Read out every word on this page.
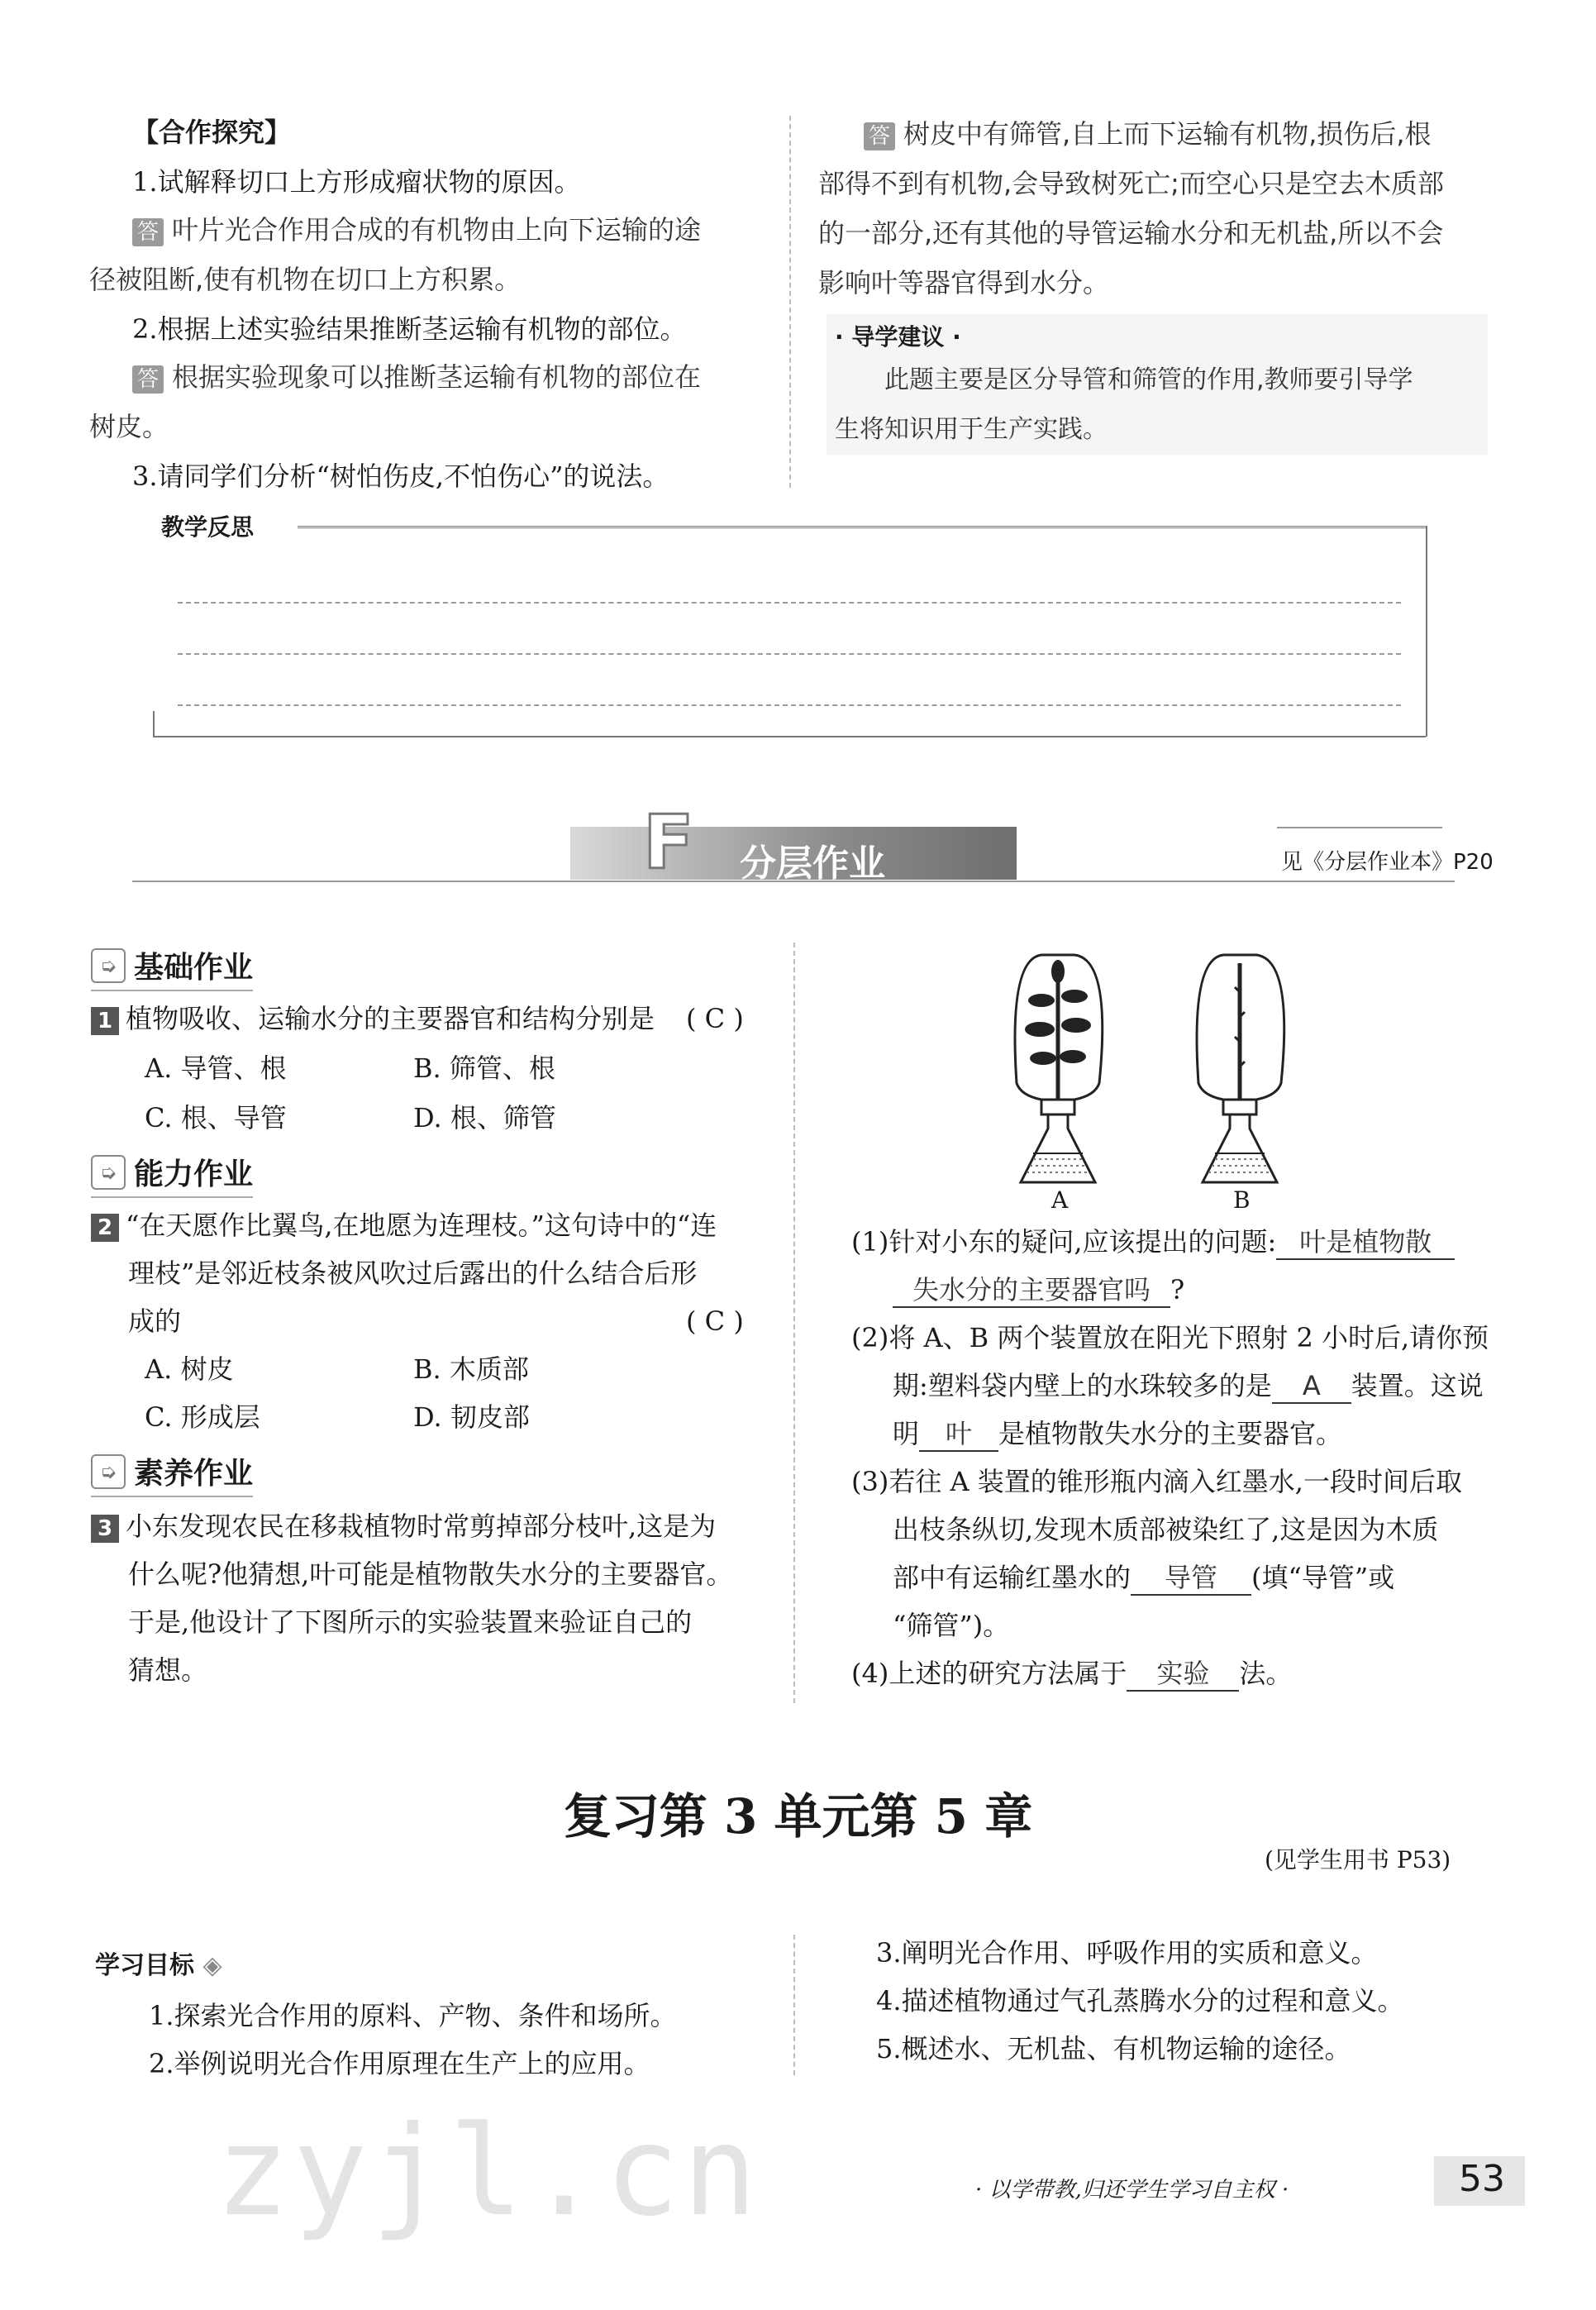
【合作探究】
1.试解释切口上方形成瘤状物的原因。
答 叶片光合作用合成的有机物由上向下运输的途
径被阻断,使有机物在切口上方积累。
2.根据上述实验结果推断茎运输有机物的部位。
答 根据实验现象可以推断茎运输有机物的部位在
树皮。
3.请同学们分析“树怕伤皮,不怕伤心”的说法。
答 树皮中有筛管,自上而下运输有机物,损伤后,根
部得不到有机物,会导致树死亡;而空心只是空去木质部
的一部分,还有其他的导管运输水分和无机盐,所以不会
影响叶等器官得到水分。
· 导学建议 ·
此题主要是区分导管和筛管的作用,教师要引导学
生将知识用于生产实践。
教学反思
F	分层作业	见《分层作业本》P20
➭ 基础作业
1 植物吸收、运输水分的主要器官和结构分别是 ( C )
A. 导管、根	B. 筛管、根
C. 根、导管	D. 根、筛管
➭ 能力作业
2 “在天愿作比翼鸟,在地愿为连理枝。”这句诗中的“连
理枝”是邻近枝条被风吹过后露出的什么结合后形
成的	( C )
A. 树皮	B. 木质部
C. 形成层	D. 韧皮部
➭ 素养作业
3 小东发现农民在移栽植物时常剪掉部分枝叶,这是为
什么呢?他猜想,叶可能是植物散失水分的主要器官。
于是,他设计了下图所示的实验装置来验证自己的
猜想。
A	B
(1)针对小东的疑问,应该提出的问题: 叶是植物散
失水分的主要器官吗 ?
(2)将 A、B 两个装置放在阳光下照射 2 小时后,请你预
期:塑料袋内壁上的水珠较多的是 A 装置。这说
明 叶 是植物散失水分的主要器官。
(3)若往 A 装置的锥形瓶内滴入红墨水,一段时间后取
出枝条纵切,发现木质部被染红了,这是因为木质
部中有运输红墨水的 导管 (填“导管”或
“筛管”)。
(4)上述的研究方法属于 实验 法。
复习第 3 单元第 5 章
(见学生用书 P53)
学习目标 ◈
1.探索光合作用的原料、产物、条件和场所。
2.举例说明光合作用原理在生产上的应用。
3.阐明光合作用、呼吸作用的实质和意义。
4.描述植物通过气孔蒸腾水分的过程和意义。
5.概述水、无机盐、有机物运输的途径。
zyjl.cn	· 以学带教,归还学生学习自主权 ·	53
